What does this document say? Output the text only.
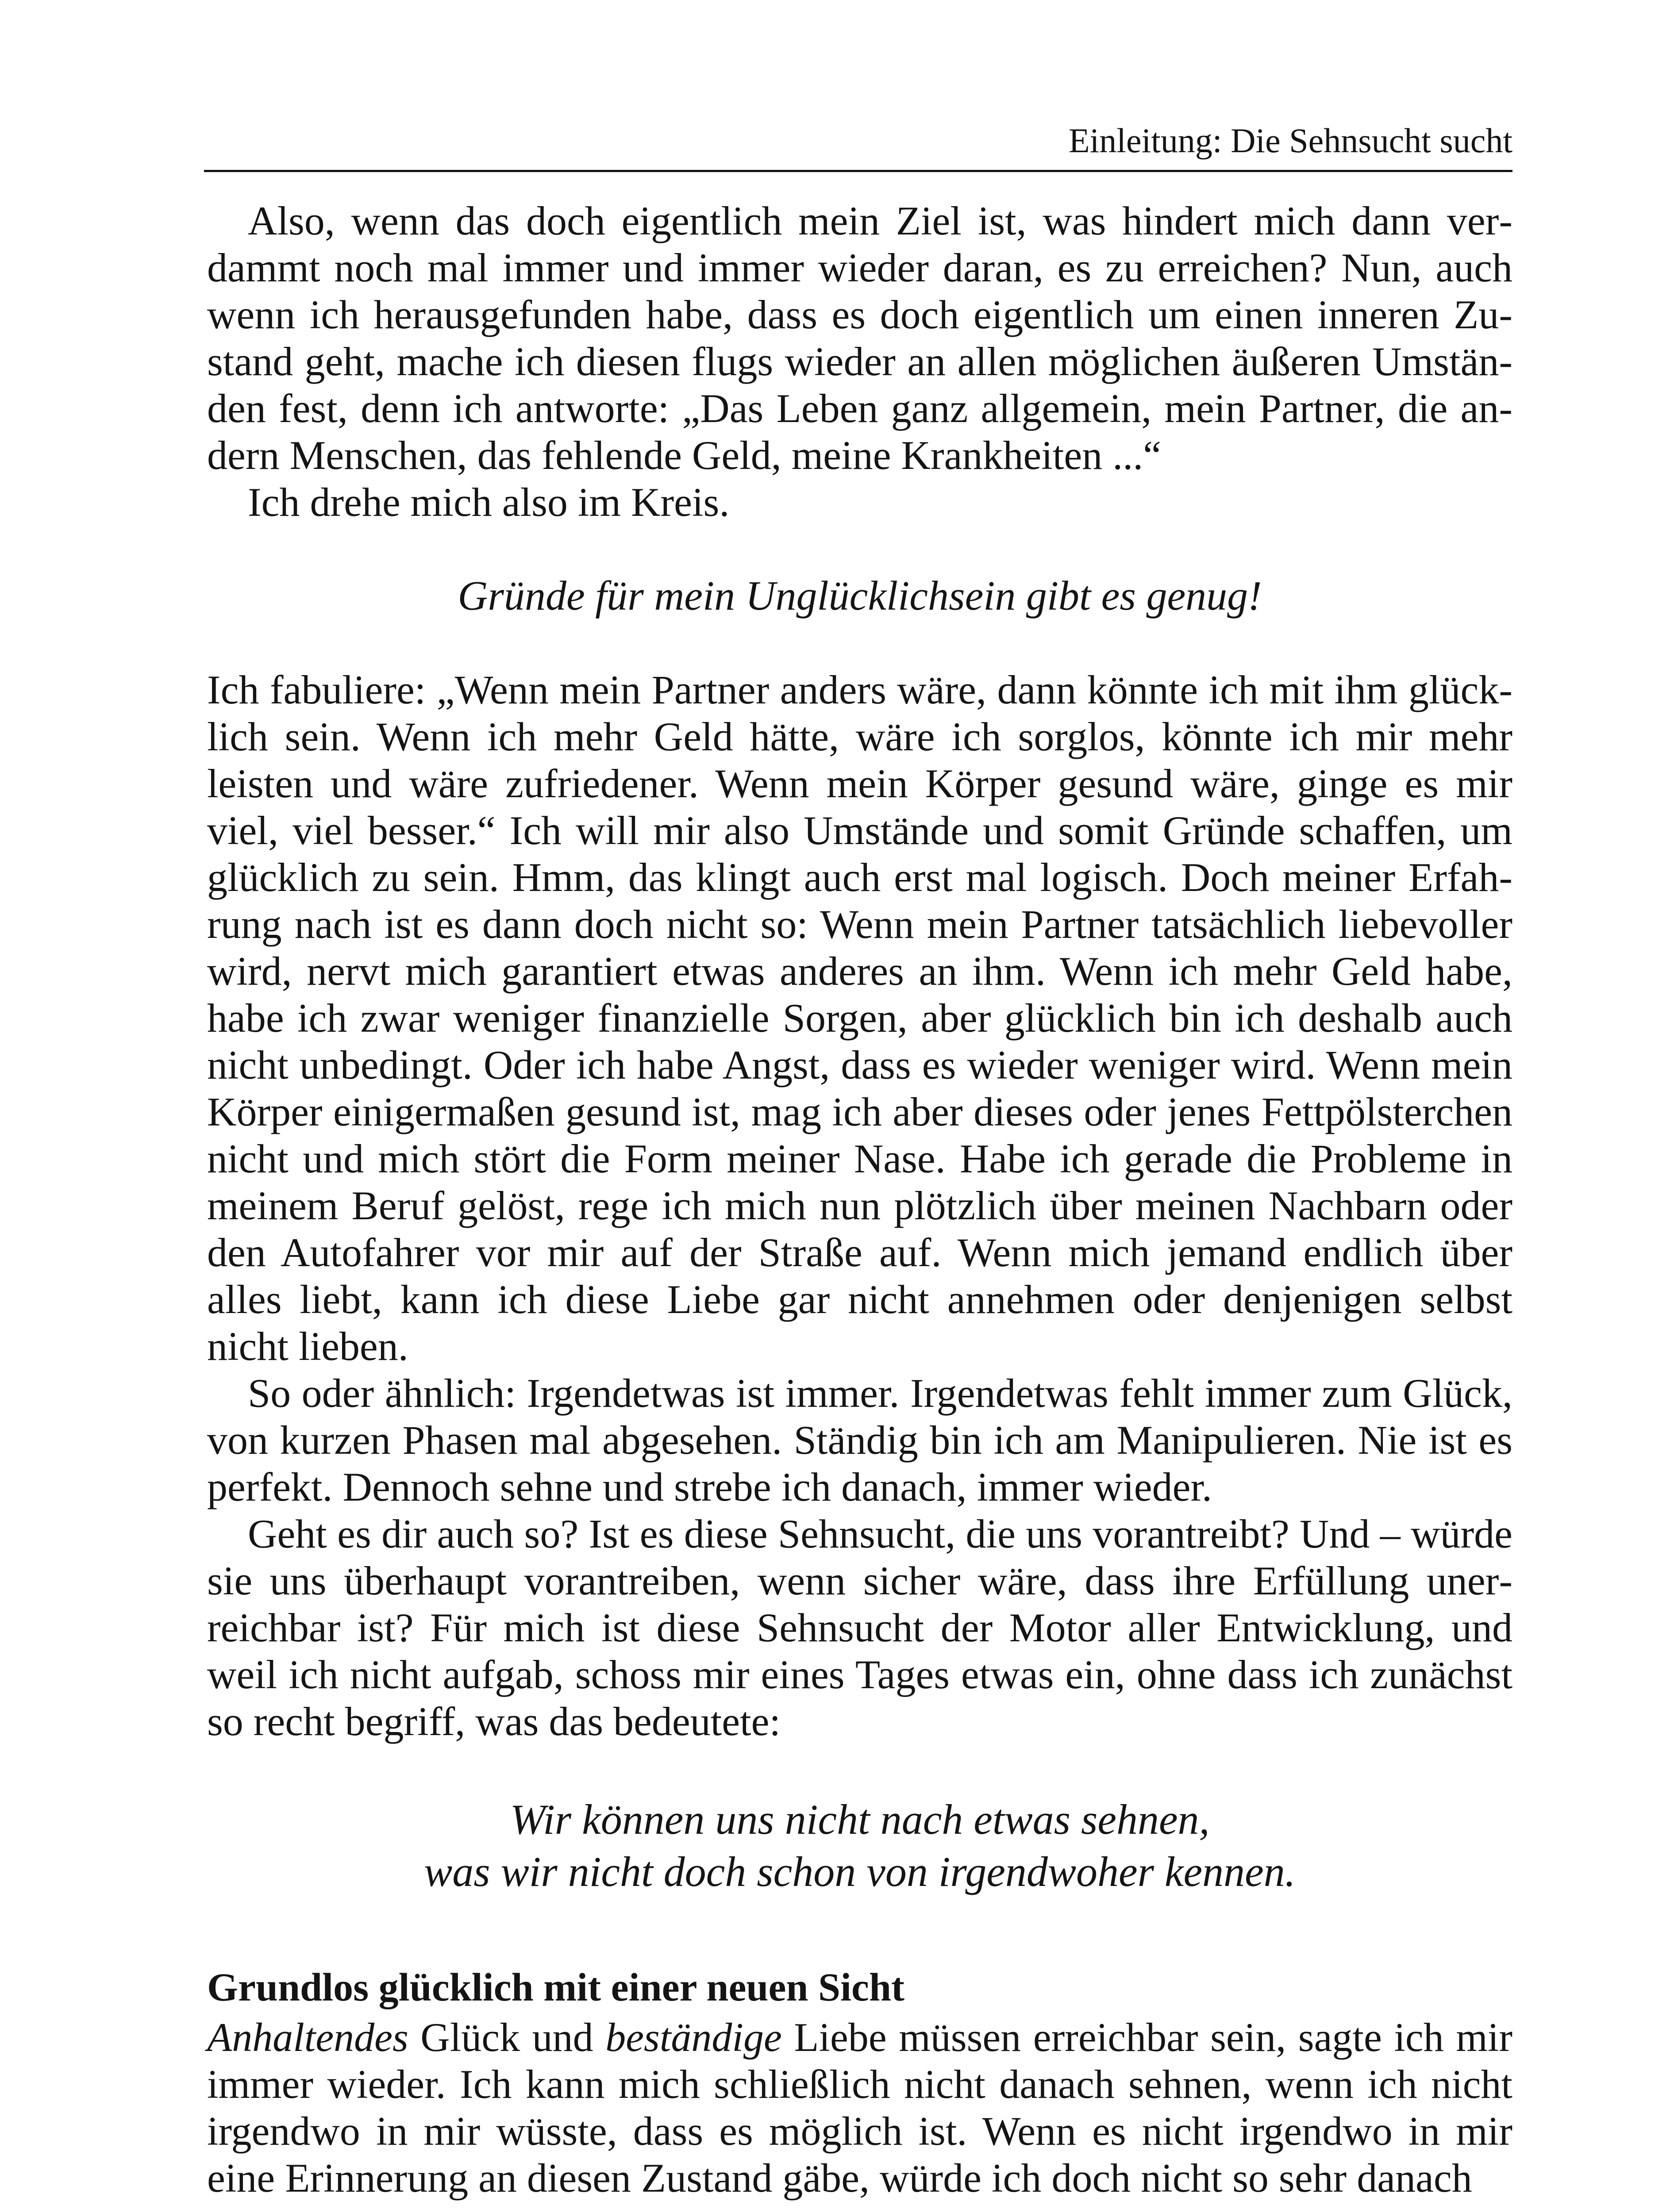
Einleitung: Die Sehnsucht sucht

Also, wenn das doch eigentlich mein Ziel ist, was hindert mich dann verdammt noch mal immer und immer wieder daran, es zu erreichen? Nun, auch wenn ich herausgefunden habe, dass es doch eigentlich um einen inneren Zustand geht, mache ich diesen flugs wieder an allen möglichen äußeren Umständen fest, denn ich antworte: „Das Leben ganz allgemein, mein Partner, die andern Menschen, das fehlende Geld, meine Krankheiten ...“

Ich drehe mich also im Kreis.

Gründe für mein Unglücklichsein gibt es genug!

Ich fabuliere: „Wenn mein Partner anders wäre, dann könnte ich mit ihm glücklich sein. Wenn ich mehr Geld hätte, wäre ich sorglos, könnte ich mir mehr leisten und wäre zufriedener. Wenn mein Körper gesund wäre, ginge es mir viel, viel besser.“ Ich will mir also Umstände und somit Gründe schaffen, um glücklich zu sein. Hmm, das klingt auch erst mal logisch. Doch meiner Erfahrung nach ist es dann doch nicht so: Wenn mein Partner tatsächlich liebevoller wird, nervt mich garantiert etwas anderes an ihm. Wenn ich mehr Geld habe, habe ich zwar weniger finanzielle Sorgen, aber glücklich bin ich deshalb auch nicht unbedingt. Oder ich habe Angst, dass es wieder weniger wird. Wenn mein Körper einigermaßen gesund ist, mag ich aber dieses oder jenes Fettpölsterchen nicht und mich stört die Form meiner Nase. Habe ich gerade die Probleme in meinem Beruf gelöst, rege ich mich nun plötzlich über meinen Nachbarn oder den Autofahrer vor mir auf der Straße auf. Wenn mich jemand endlich über alles liebt, kann ich diese Liebe gar nicht annehmen oder denjenigen selbst nicht lieben.

So oder ähnlich: Irgendetwas ist immer. Irgendetwas fehlt immer zum Glück, von kurzen Phasen mal abgesehen. Ständig bin ich am Manipulieren. Nie ist es perfekt. Dennoch sehne und strebe ich danach, immer wieder.

Geht es dir auch so? Ist es diese Sehnsucht, die uns vorantreibt? Und – würde sie uns überhaupt vorantreiben, wenn sicher wäre, dass ihre Erfüllung unerreichbar ist? Für mich ist diese Sehnsucht der Motor aller Entwicklung, und weil ich nicht aufgab, schoss mir eines Tages etwas ein, ohne dass ich zunächst so recht begriff, was das bedeutete:

Wir können uns nicht nach etwas sehnen,
was wir nicht doch schon von irgendwoher kennen.

Grundlos glücklich mit einer neuen Sicht

Anhaltendes Glück und beständige Liebe müssen erreichbar sein, sagte ich mir immer wieder. Ich kann mich schließlich nicht danach sehnen, wenn ich nicht irgendwo in mir wüsste, dass es möglich ist. Wenn es nicht irgendwo in mir eine Erinnerung an diesen Zustand gäbe, würde ich doch nicht so sehr danach
